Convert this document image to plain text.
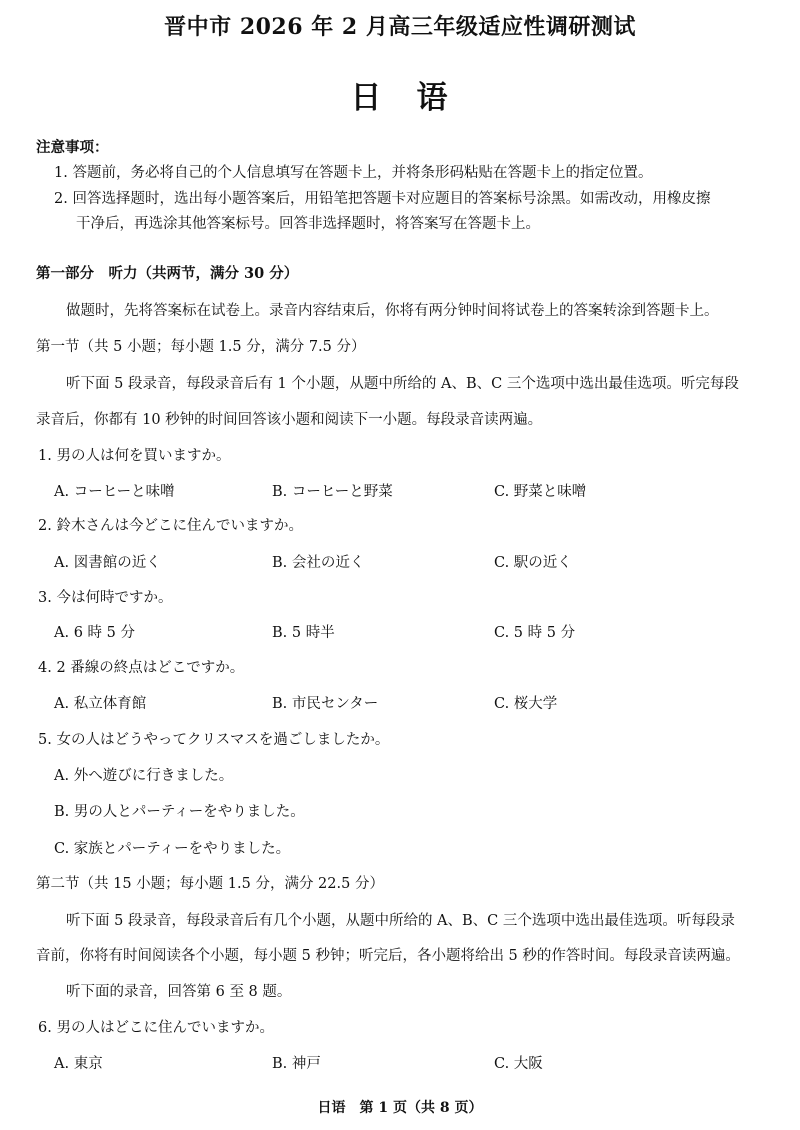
晋中市 2026 年 2 月高三年级适应性调研测试
日　语
注意事项：
1. 答题前，务必将自己的个人信息填写在答题卡上，并将条形码粘贴在答题卡上的指定位置。
2. 回答选择题时，选出每小题答案后，用铅笔把答题卡对应题目的答案标号涂黑。如需改动，用橡皮擦
干净后，再选涂其他答案标号。回答非选择题时，将答案写在答题卡上。
第一部分　听力（共两节，满分 30 分）
做题时，先将答案标在试卷上。录音内容结束后，你将有两分钟时间将试卷上的答案转涂到答题卡上。
第一节（共 5 小题；每小题 1.5 分，满分 7.5 分）
听下面 5 段录音，每段录音后有 1 个小题，从题中所给的 A、B、C 三个选项中选出最佳选项。听完每段
录音后，你都有 10 秒钟的时间回答该小题和阅读下一小题。每段录音读两遍。
1. 男の人は何を買いますか。
A. コーヒーと味噌	B. コーヒーと野菜	C. 野菜と味噌
2. 鈴木さんは今どこに住んでいますか。
A. 図書館の近く	B. 会社の近く	C. 駅の近く
3. 今は何時ですか。
A. 6 時 5 分	B. 5 時半	C. 5 時 5 分
4. 2 番線の終点はどこですか。
A. 私立体育館	B. 市民センター	C. 桜大学
5. 女の人はどうやってクリスマスを過ごしましたか。
A. 外へ遊びに行きました。
B. 男の人とパーティーをやりました。
C. 家族とパーティーをやりました。
第二节（共 15 小题；每小题 1.5 分，满分 22.5 分）
听下面 5 段录音，每段录音后有几个小题，从题中所给的 A、B、C 三个选项中选出最佳选项。听每段录
音前，你将有时间阅读各个小题，每小题 5 秒钟；听完后，各小题将给出 5 秒的作答时间。每段录音读两遍。
听下面的录音，回答第 6 至 8 题。
6. 男の人はどこに住んでいますか。
A. 東京	B. 神戸	C. 大阪
日语　第 1 页（共 8 页）
